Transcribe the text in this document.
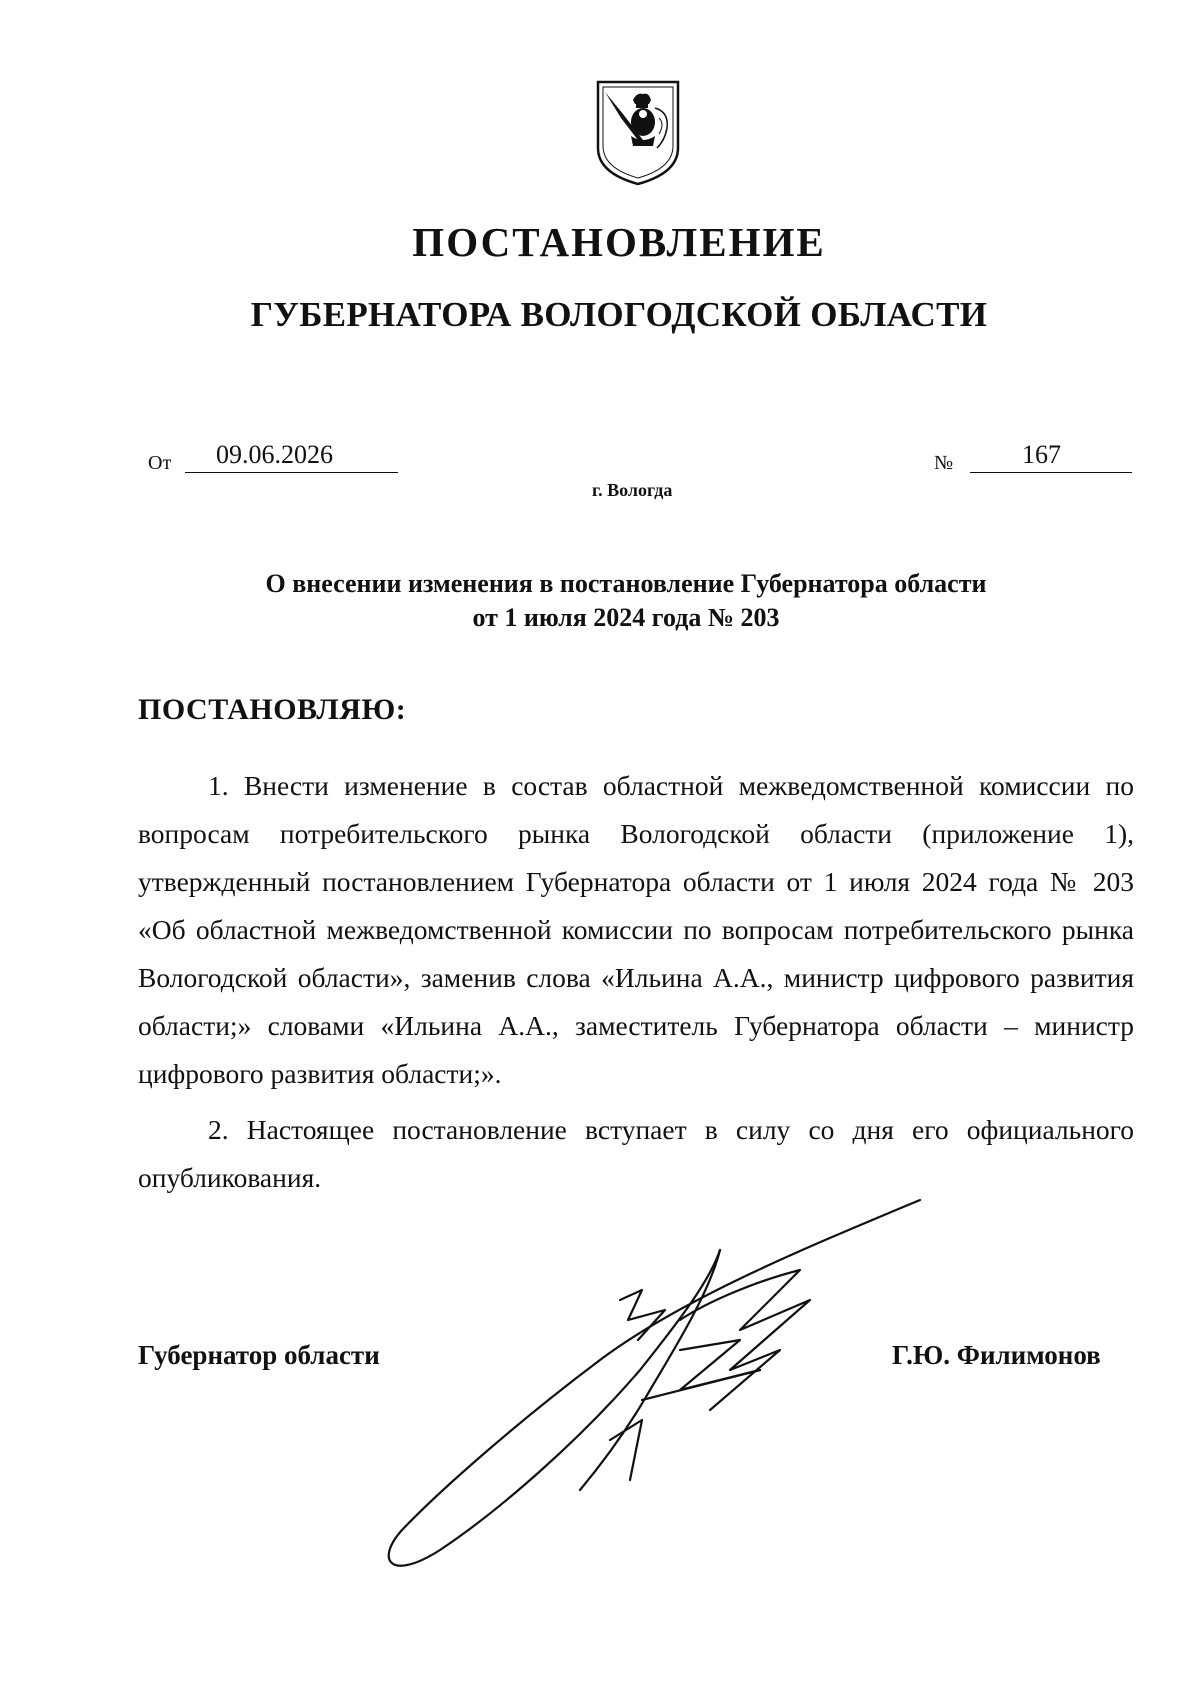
ПОСТАНОВЛЕНИЕ
ГУБЕРНАТОРА ВОЛОГОДСКОЙ ОБЛАСТИ
От	09.06.2026	№	167
г. Вологда
О внесении изменения в постановление Губернатора области
от 1 июля 2024 года № 203
ПОСТАНОВЛЯЮ:

1. Внести изменение в состав областной межведомственной комиссии по вопросам потребительского рынка Вологодской области (приложение 1), утвержденный постановлением Губернатора области от 1 июля 2024 года № 203 «Об областной межведомственной комиссии по вопросам потребительского рынка Вологодской области», заменив слова «Ильина А.А., министр цифрового развития области;» словами «Ильина А.А., заместитель Губернатора области – министр цифрового развития области;».

2. Настоящее постановление вступает в силу со дня его официального опубликования.

Губернатор области	Г.Ю. Филимонов
